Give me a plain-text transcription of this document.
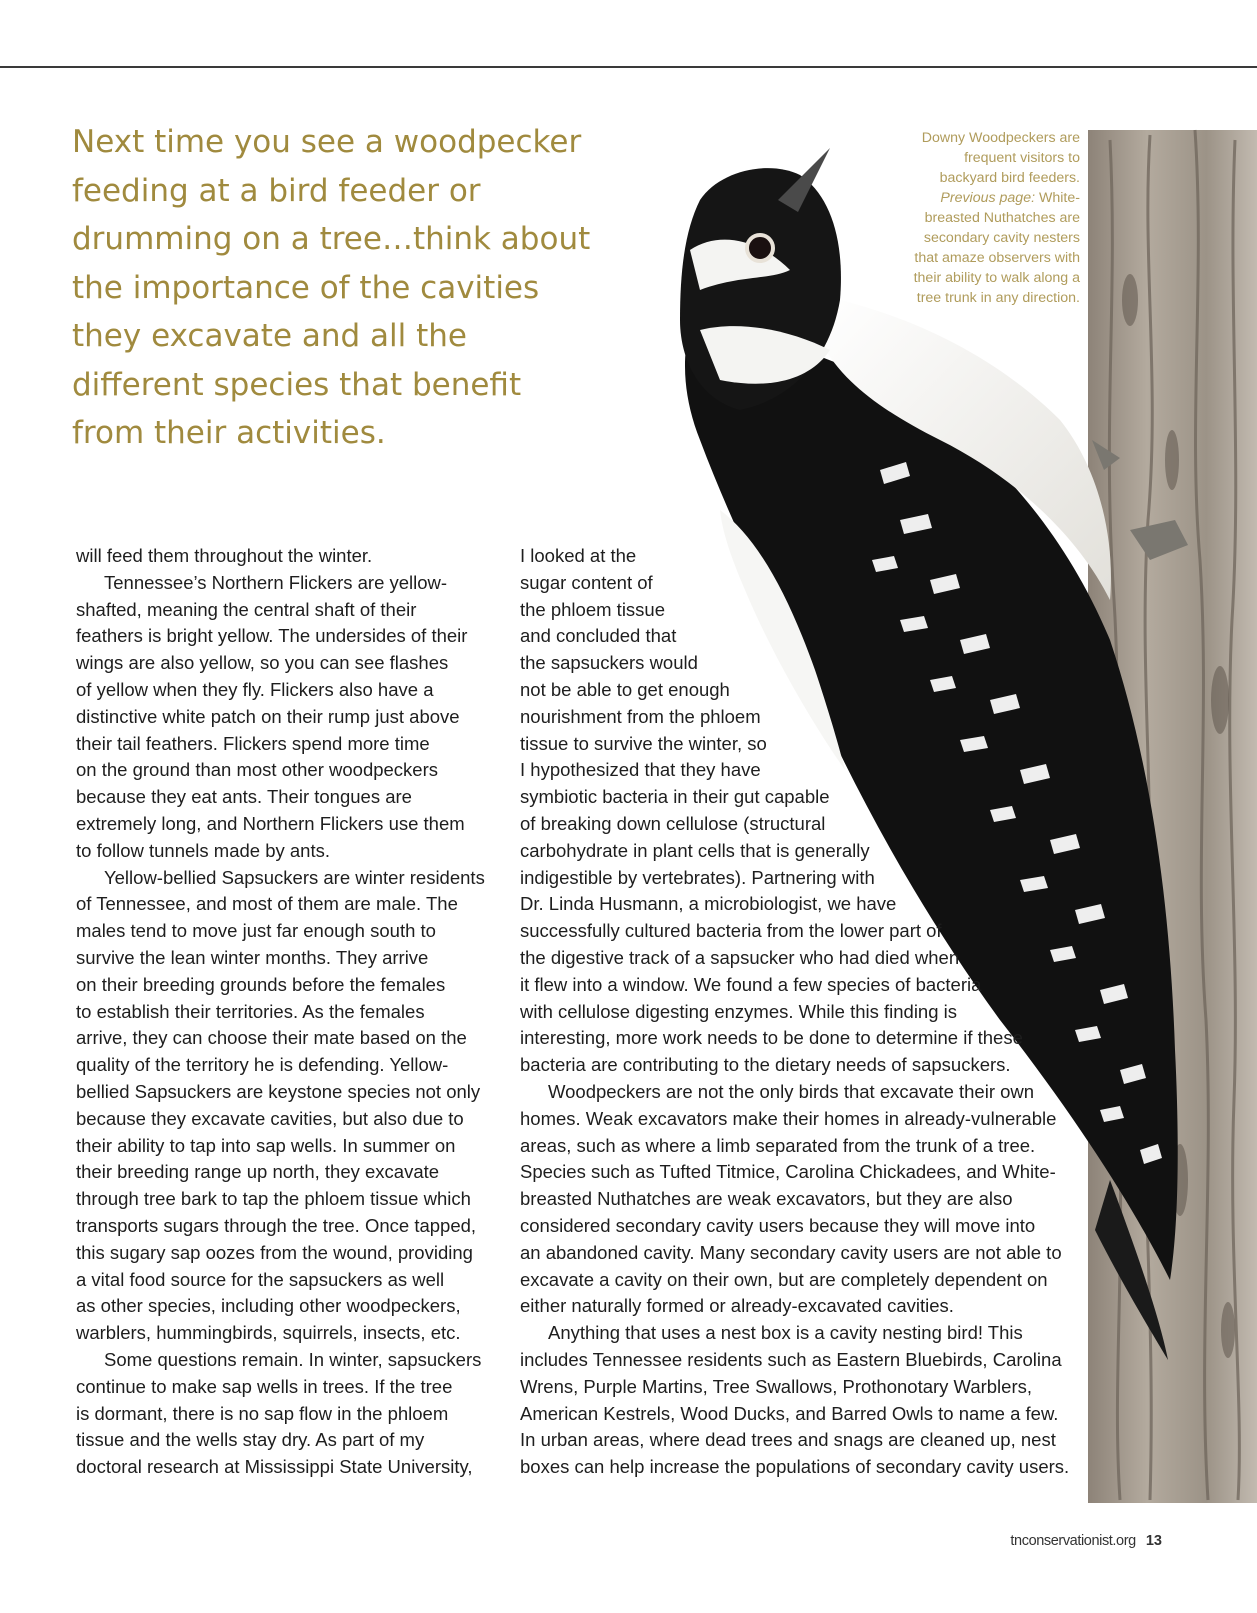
Next time you see a woodpecker feeding at a bird feeder or drumming on a tree…think about the importance of the cavities they excavate and all the different species that benefit from their activities.
Downy Woodpeckers are frequent visitors to backyard bird feeders. Previous page: White-breasted Nuthatches are secondary cavity nesters that amaze observers with their ability to walk along a tree trunk in any direction.

will feed them throughout the winter.

Tennessee’s Northern Flickers are yellow-

shafted, meaning the central shaft of their

feathers is bright yellow. The undersides of their

wings are also yellow, so you can see flashes

of yellow when they fly. Flickers also have a

distinctive white patch on their rump just above

their tail feathers. Flickers spend more time

on the ground than most other woodpeckers

because they eat ants. Their tongues are

extremely long, and Northern Flickers use them

to follow tunnels made by ants.

Yellow-bellied Sapsuckers are winter residents

of Tennessee, and most of them are male. The

males tend to move just far enough south to

survive the lean winter months. They arrive

on their breeding grounds before the females

to establish their territories. As the females

arrive, they can choose their mate based on the

quality of the territory he is defending. Yellow-

bellied Sapsuckers are keystone species not only

because they excavate cavities, but also due to

their ability to tap into sap wells. In summer on

their breeding range up north, they excavate

through tree bark to tap the phloem tissue which

transports sugars through the tree. Once tapped,

this sugary sap oozes from the wound, providing

a vital food source for the sapsuckers as well

as other species, including other woodpeckers,

warblers, hummingbirds, squirrels, insects, etc.

Some questions remain. In winter, sapsuckers

continue to make sap wells in trees. If the tree

is dormant, there is no sap flow in the phloem

tissue and the wells stay dry. As part of my

doctoral research at Mississippi State University,

I looked at the

sugar content of

the phloem tissue

and concluded that

the sapsuckers would

not be able to get enough

nourishment from the phloem

tissue to survive the winter, so

I hypothesized that they have

symbiotic bacteria in their gut capable

of breaking down cellulose (structural

carbohydrate in plant cells that is generally

indigestible by vertebrates). Partnering with

Dr. Linda Husmann, a microbiologist, we have

successfully cultured bacteria from the lower part of

the digestive track of a sapsucker who had died when

it flew into a window. We found a few species of bacteria

with cellulose digesting enzymes. While this finding is

interesting, more work needs to be done to determine if these

bacteria are contributing to the dietary needs of sapsuckers.

Woodpeckers are not the only birds that excavate their own

homes. Weak excavators make their homes in already-vulnerable

areas, such as where a limb separated from the trunk of a tree.

Species such as Tufted Titmice, Carolina Chickadees, and White-

breasted Nuthatches are weak excavators, but they are also

considered secondary cavity users because they will move into

an abandoned cavity. Many secondary cavity users are not able to

excavate a cavity on their own, but are completely dependent on

either naturally formed or already-excavated cavities.

Anything that uses a nest box is a cavity nesting bird! This

includes Tennessee residents such as Eastern Bluebirds, Carolina

Wrens, Purple Martins, Tree Swallows, Prothonotary Warblers,

American Kestrels, Wood Ducks, and Barred Owls to name a few.

In urban areas, where dead trees and snags are cleaned up, nest

boxes can help increase the populations of secondary cavity users.

tnconservationist.org 13
